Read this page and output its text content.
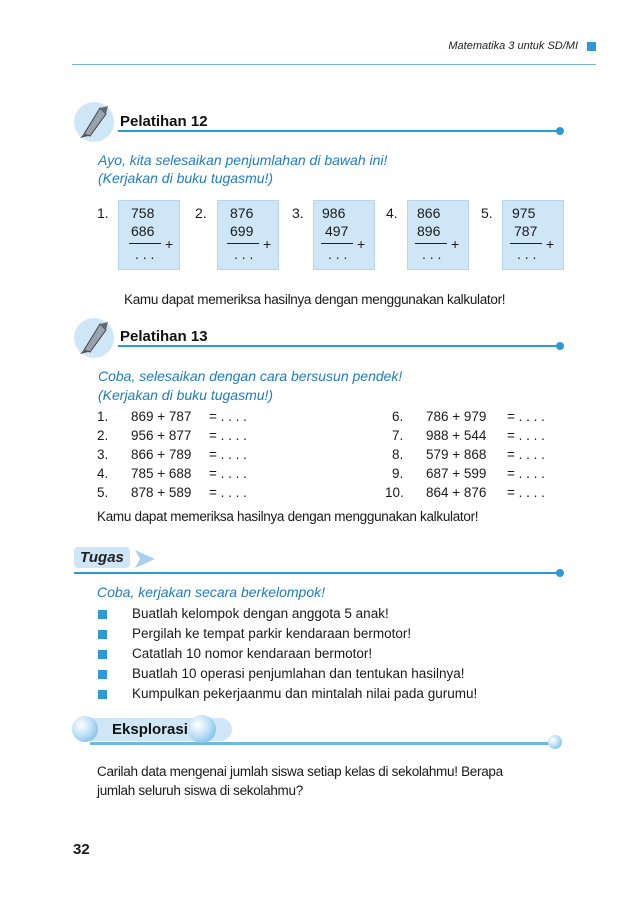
Matematika 3 untuk SD/MI
Pelatihan 12
Ayo, kita selesaikan penjumlahan di bawah ini!
(Kerjakan di buku tugasmu!)
1. 758
686
+
. . .
2. 876
699
+
. . .
3. 986
497
+
. . .
4. 866
896
+
. . .
5. 975
787
+
. . .
Kamu dapat memeriksa hasilnya dengan menggunakan kalkulator!
Pelatihan 13
Coba, selesaikan dengan cara bersusun pendek!
(Kerjakan di buku tugasmu!)
1. 869 + 787 = . . . .
2. 956 + 877 = . . . .
3. 866 + 789 = . . . .
4. 785 + 688 = . . . .
5. 878 + 589 = . . . .
6. 786 + 979 = . . . .
7. 988 + 544 = . . . .
8. 579 + 868 = . . . .
9. 687 + 599 = . . . .
10. 864 + 876 = . . . .
Kamu dapat memeriksa hasilnya dengan menggunakan kalkulator!
Tugas
Coba, kerjakan secara berkelompok!
Buatlah kelompok dengan anggota 5 anak!
Pergilah ke tempat parkir kendaraan bermotor!
Catatlah 10 nomor kendaraan bermotor!
Buatlah 10 operasi penjumlahan dan tentukan hasilnya!
Kumpulkan pekerjaanmu dan mintalah nilai pada gurumu!
Eksplorasi
Carilah data mengenai jumlah siswa setiap kelas di sekolahmu! Berapa
jumlah seluruh siswa di sekolahmu?
32
